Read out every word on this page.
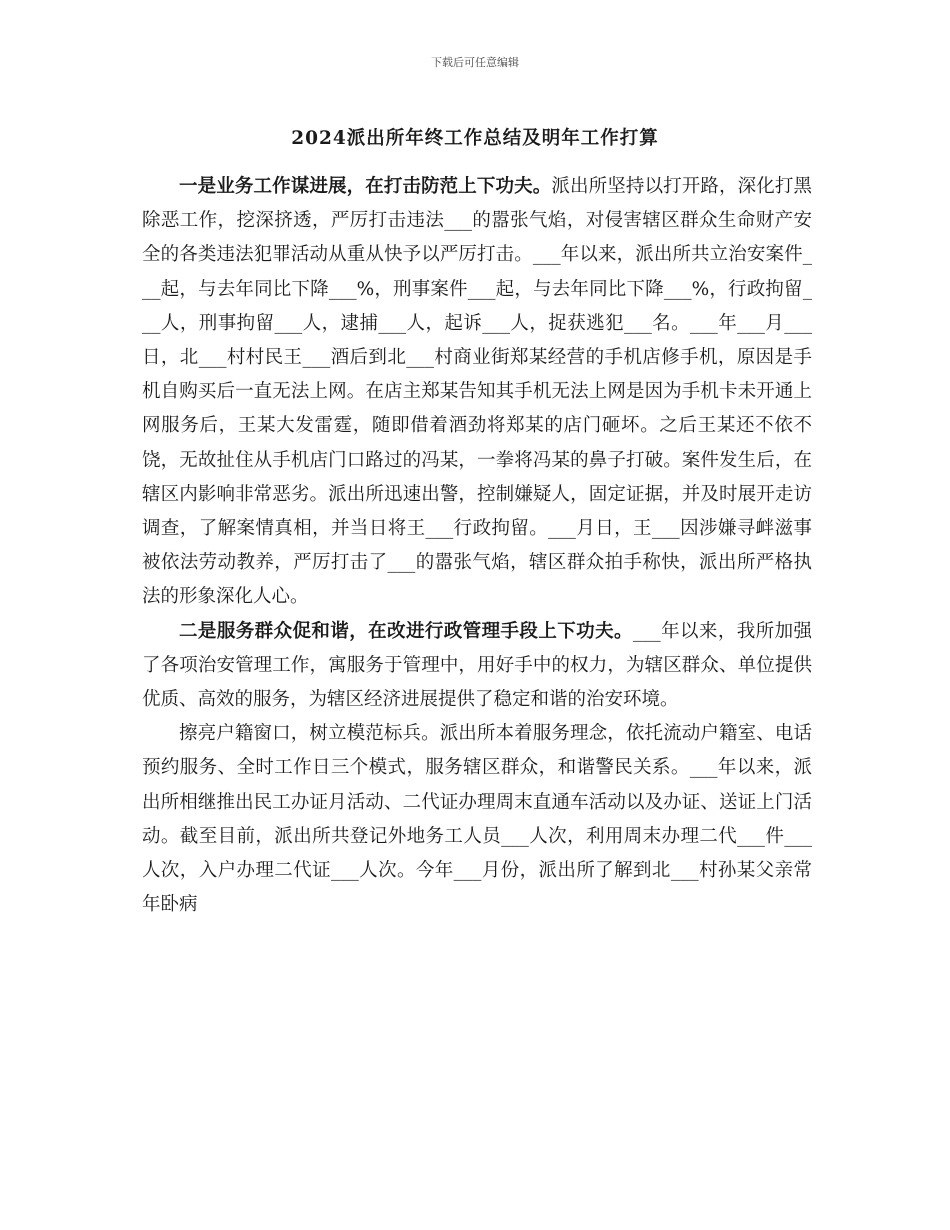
下载后可任意编辑
2024派出所年终工作总结及明年工作打算

一是业务工作谋进展，在打击防范上下功夫。派出所坚持以打开路，深化打黑除恶工作，挖深挤透，严厉打击违法___的嚣张气焰，对侵害辖区群众生命财产安全的各类违法犯罪活动从重从快予以严厉打击。___年以来，派出所共立治安案件___起，与去年同比下降___%，刑事案件___起，与去年同比下降___%，行政拘留___人，刑事拘留___人，逮捕___人，起诉___人，捉获逃犯___名。___年___月___日，北___村村民王___酒后到北___村商业街郑某经营的手机店修手机，原因是手机自购买后一直无法上网。在店主郑某告知其手机无法上网是因为手机卡未开通上网服务后，王某大发雷霆，随即借着酒劲将郑某的店门砸坏。之后王某还不依不饶，无故扯住从手机店门口路过的冯某，一拳将冯某的鼻子打破。案件发生后，在辖区内影响非常恶劣。派出所迅速出警，控制嫌疑人，固定证据，并及时展开走访调查，了解案情真相，并当日将王___行政拘留。___月日，王___因涉嫌寻衅滋事被依法劳动教养，严厉打击了___的嚣张气焰，辖区群众拍手称快，派出所严格执法的形象深化人心。

二是服务群众促和谐，在改进行政管理手段上下功夫。___年以来，我所加强了各项治安管理工作，寓服务于管理中，用好手中的权力，为辖区群众、单位提供优质、高效的服务，为辖区经济进展提供了稳定和谐的治安环境。

擦亮户籍窗口，树立模范标兵。派出所本着服务理念，依托流动户籍室、电话预约服务、全时工作日三个模式，服务辖区群众，和谐警民关系。___年以来，派出所相继推出民工办证月活动、二代证办理周末直通车活动以及办证、送证上门活动。截至目前，派出所共登记外地务工人员___人次，利用周末办理二代___件___人次，入户办理二代证___人次。今年___月份，派出所了解到北___村孙某父亲常年卧病
